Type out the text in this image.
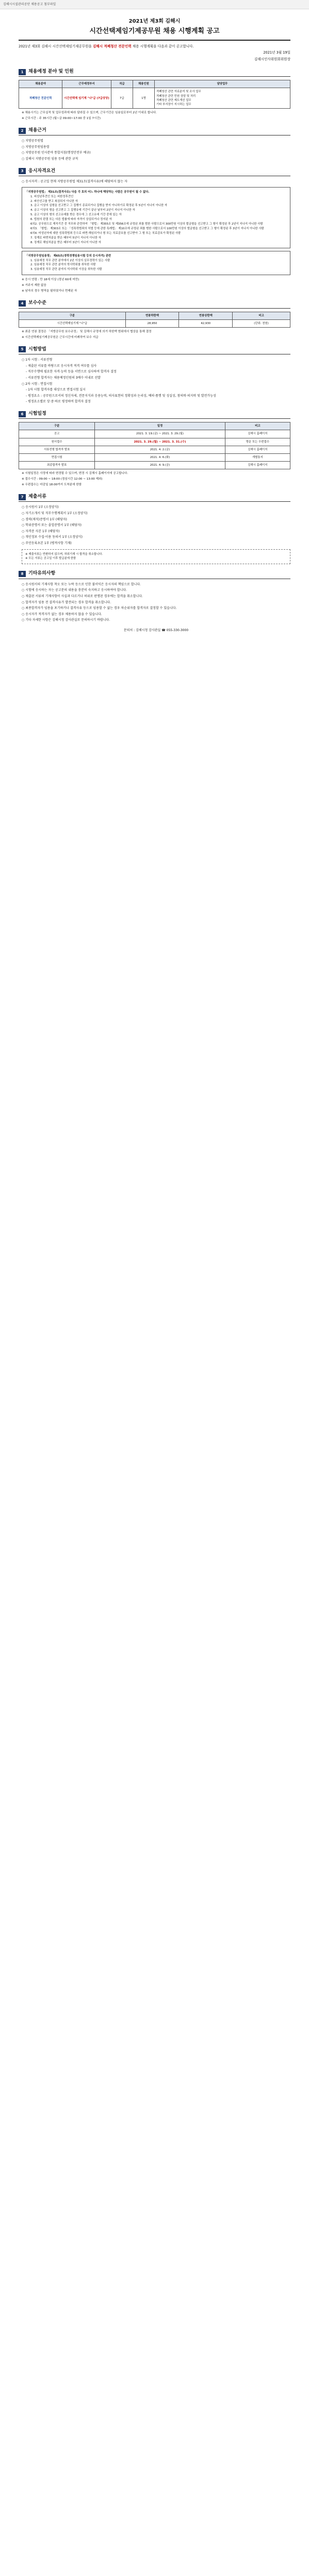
김해시시설관리공단 채용공고 첨부파일
2021년 제3회 김해시
시간선택제임기제공무원 채용 시행계획 공고
2021년 제3회 김해시 시간선택제임기제공무원을 김해시 적폐청산 전문인력 채용 시행계획을 다음과 같이 공고합니다.
2021년 3월 19일
김해시인사위원회위원장
1	채용예정 분야 및 인원
채용분야	근무예정부서	직급	채용인원	담당업무
적폐청산 전문인력	시간선택제 임기제 "나"급 (7급상당)	7급	1명	적폐청산 관련 자료분석 및 조사 업무
적폐청산 관련 민원 상담 및 처리
적폐청산 관련 제도개선 업무
기타 부서장이 지시하는 업무
※ 채용시기는 근무실적 및 업무성과에 따라 달라질 수 있으며, 근무기간은 임용일로부터 2년 이내로 합니다.
※ 근무시간 : 주 35시간 (월~금 09:00~17:00 중 1일 7시간)
2	채용근거
○ 지방공무원법
○ 지방공무원임용령
○ 지방공무원 인사분야 통합지침(행정안전부 예규)
○ 김해시 지방공무원 임용 등에 관한 규칙
3	응시자격요건
○ 응시자격 : 공고일 현재 지방공무원법 제31조(결격사유)에 해당하지 않는 자
「지방공무원법」 제31조(결격사유) 다음 각 호의 어느 하나에 해당하는 사람은 공무원이 될 수 없다.
1. 피성년후견인 또는 피한정후견인
2. 파산선고를 받고 복권되지 아니한 자
3. 금고 이상의 실형을 선고받고 그 집행이 종료되거나 집행을 받지 아니하기로 확정된 후 5년이 지나지 아니한 자
4. 금고 이상의 형을 선고받고 그 집행유예 기간이 끝난 날부터 2년이 지나지 아니한 자
5. 금고 이상의 형의 선고유예를 받은 경우에 그 선고유예 기간 중에 있는 자
6. 법원의 판결 또는 다른 법률에 따라 자격이 상실되거나 정지된 자
6의2. 공무원으로 재직기간 중 직무와 관련하여 「형법」 제355조 및 제356조에 규정된 죄를 범한 사람으로서 300만원 이상의 벌금형을 선고받고 그 형이 확정된 후 2년이 지나지 아니한 사람
6의3. 「형법」 제303조 또는 「성폭력범죄의 처벌 등에 관한 특례법」 제10조에 규정된 죄를 범한 사람으로서 100만원 이상의 벌금형을 선고받고 그 형이 확정된 후 3년이 지나지 아니한 사람
6의4. 미성년자에 대한 성폭력범죄 등으로 파면·해임되거나 형 또는 치료감호를 선고받아 그 형 또는 치료감호가 확정된 사람
7. 징계로 파면처분을 받은 때부터 5년이 지나지 아니한 자
8. 징계로 해임처분을 받은 때부터 3년이 지나지 아니한 자
「지방공무원임용령」 제65조(경력경쟁임용시험 등의 응시자격) 관련
1. 임용예정 직무 관련 분야에서 2년 이상의 실무경력이 있는 사람
2. 임용예정 직무 관련 분야의 학사학위를 취득한 사람
3. 임용예정 직무 관련 분야의 석사학위 이상을 취득한 사람
※ 응시 연령 : 만 18세 이상 (정년 60세 미만)
※ 거주지 제한 없음
※ 남자의 경우 병역을 필하였거나 면제된 자
4	보수수준
구분	연봉하한액	연봉상한액	비고
시간선택제임기제 "나"급	28,950	42,930	(단위: 천원)
※ 최종 연봉 결정은 「지방공무원 보수규정」 및 김해시 규정에 의거 하한액 범위에서 협상을 통해 결정
※ 시간선택제임기제공무원은 근무시간에 비례하여 보수 지급
5	시험방법
○ 1차 시험 : 서류전형
- 제출된 서류를 바탕으로 응시자격 적격 여부를 심사
- 직무수행에 필요한 자격·능력 등을 서면으로 심사하여 합격자 결정
- 서류전형 합격자는 채용예정인원의 3배수 이내로 선발
○ 2차 시험 : 면접시험
- 1차 시험 합격자를 대상으로 면접시험 실시
- 평정요소 : 공무원으로서의 정신자세, 전문지식과 응용능력, 의사표현의 정확성과 논리성, 예의·품행 및 성실성, 창의력·의지력 및 발전가능성
- 평정요소별로 상·중·하로 평정하여 합격자 결정
6	시험일정
구분	일정	비고
공고	2021. 3. 19.(금) ~ 2021. 3. 29.(월)	김해시 홈페이지
원서접수	2021. 3. 29.(월) ~ 2021. 3. 31.(수)	방문 또는 우편접수
서류전형 합격자 발표	2021. 4. 2.(금)	김해시 홈페이지
면접시험	2021. 4. 6.(화)	개별통지
최종합격자 발표	2021. 4. 9.(금)	김해시 홈페이지
※ 시험일정은 사정에 따라 변경될 수 있으며, 변경 시 김해시 홈페이지에 공고합니다.
※ 접수시간 : 09:00 ~ 18:00 (점심시간 12:00 ~ 13:00 제외)
※ 우편접수는 마감일 18:00까지 도착분에 한함
7	제출서류
○ 응시원서 1부 (소정양식)
○ 자기소개서 및 직무수행계획서 1부 (소정양식)
○ 경력(재직)증명서 1부 (해당자)
○ 학위증명서 또는 졸업증명서 1부 (해당자)
○ 자격증 사본 1부 (해당자)
○ 개인정보 수집·이용 동의서 1부 (소정양식)
○ 주민등록초본 1부 (병적사항 기재)
※ 제출서류는 반환하지 않으며, 허위기재 시 합격을 취소합니다.
※ 모든 서류는 공고일 이후 발급분에 한함
8	기타유의사항
○ 응시원서의 기재사항 착오 또는 누락 등으로 인한 불이익은 응시자의 책임으로 합니다.
○ 시험에 응시하는 자는 공고문의 내용을 충분히 숙지하고 응시하여야 합니다.
○ 제출된 서류의 기재사항이 사실과 다르거나 허위로 판명된 경우에는 합격을 취소합니다.
○ 합격자가 임용 전 결격사유가 발견되는 경우 합격을 취소합니다.
○ 최종합격자가 임용을 포기하거나 결격사유 등으로 임용할 수 없는 경우 차순위자를 합격자로 결정할 수 있습니다.
○ 응시자가 적격자가 없는 경우 채용하지 않을 수 있습니다.
○ 기타 자세한 사항은 김해시청 감사관실로 문의하시기 바랍니다.
문의처 : 김해시청 감사관실 ☎ 055-330-3000
